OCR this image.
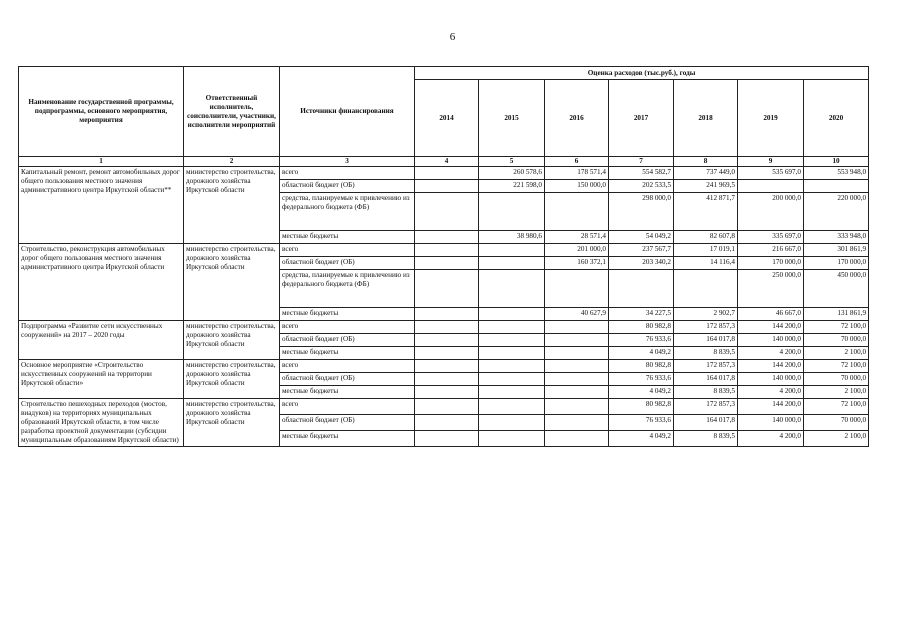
6
Наименование государственной программы, подпрограммы, основного мероприятия, мероприятия	Ответственный исполнитель, соисполнители, участники, исполнители мероприятий	Источники финансирования	Оценка расходов (тыс.руб.), годы						
			2014	2015	2016	2017	2018	2019	2020
1	2	3	4	5	6	7	8	9	10
Капитальный ремонт, ремонт автомобильных дорог общего пользования местного значения административного центра Иркутской области**	министерство строительства, дорожного хозяйства Иркутской области	всего		260 578,6	178 571,4	554 582,7	737 449,0	535 697,0	553 948,0
		областной бюджет (ОБ)		221 598,0	150 000,0	202 533,5	241 969,5		
		средства, планируемые к привлечению из федерального бюджета (ФБ)				298 000,0	412 871,7	200 000,0	220 000,0
		местные бюджеты		38 980,6	28 571,4	54 049,2	82 607,8	335 697,0	333 948,0
Строительство, реконструкция автомобильных дорог общего пользования местного значения административного центра Иркутской области	министерство строительства, дорожного хозяйства Иркутской области	всего			201 000,0	237 567,7	17 019,1	216 667,0	301 861,9
		областной бюджет (ОБ)			160 372,1	203 340,2	14 116,4	170 000,0	170 000,0
		средства, планируемые к привлечению из федерального бюджета (ФБ)						250 000,0	450 000,0
		местные бюджеты			40 627,9	34 227,5	2 902,7	46 667,0	131 861,9
Подпрограмма «Развитие сети искусственных сооружений» на 2017 – 2020 годы	министерство строительства, дорожного хозяйства Иркутской области	всего				80 982,8	172 857,3	144 200,0	72 100,0
		областной бюджет (ОБ)				76 933,6	164 017,8	140 000,0	70 000,0
		местные бюджеты				4 049,2	8 839,5	4 200,0	2 100,0
Основное мероприятие «Строительство искусственных сооружений на территории Иркутской области»	министерство строительства, дорожного хозяйства Иркутской области	всего				80 982,8	172 857,3	144 200,0	72 100,0
		областной бюджет (ОБ)				76 933,6	164 017,8	140 000,0	70 000,0
		местные бюджеты				4 049,2	8 839,5	4 200,0	2 100,0
Строительство пешеходных переходов (мостов, виадуков) на территориях муниципальных образований Иркутской области, в том числе разработка проектной документации (субсидии муниципальным образованиям Иркутской области)	министерство строительства, дорожного хозяйства Иркутской области	всего				80 982,8	172 857,3	144 200,0	72 100,0
		областной бюджет (ОБ)				76 933,6	164 017,8	140 000,0	70 000,0
		местные бюджеты				4 049,2	8 839,5	4 200,0	2 100,0
